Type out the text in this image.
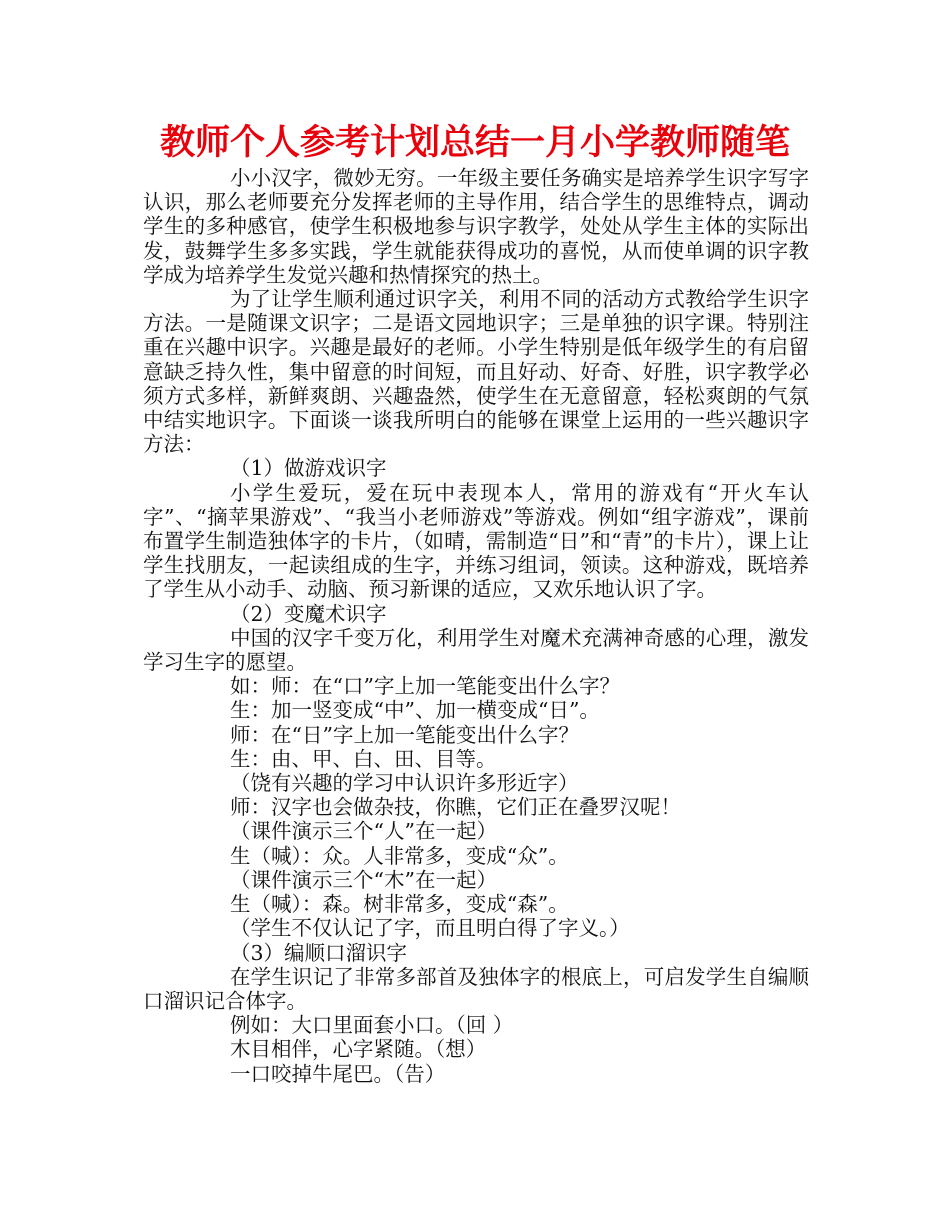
教师个人参考计划总结一月小学教师随笔

小小汉字，微妙无穷。一年级主要任务确实是培养学生识字写字认识，那么老师要充分发挥老师的主导作用，结合学生的思维特点，调动学生的多种感官，使学生积极地参与识字教学，处处从学生主体的实际出发，鼓舞学生多多实践，学生就能获得成功的喜悦，从而使单调的识字教学成为培养学生发觉兴趣和热情探究的热土。

为了让学生顺利通过识字关，利用不同的活动方式教给学生识字方法。一是随课文识字；二是语文园地识字；三是单独的识字课。特别注重在兴趣中识字。兴趣是最好的老师。小学生特别是低年级学生的有启留意缺乏持久性，集中留意的时间短，而且好动、好奇、好胜，识字教学必须方式多样，新鲜爽朗、兴趣盎然，使学生在无意留意，轻松爽朗的气氛中结实地识字。下面谈一谈我所明白的能够在课堂上运用的一些兴趣识字方法：

（1）做游戏识字

小学生爱玩，爱在玩中表现本人，常用的游戏有“开火车认字”、“摘苹果游戏”、“我当小老师游戏”等游戏。例如“组字游戏”，课前布置学生制造独体字的卡片，（如晴，需制造“日”和“青”的卡片），课上让学生找朋友，一起读组成的生字，并练习组词，领读。这种游戏，既培养了学生从小动手、动脑、预习新课的适应，又欢乐地认识了字。

（2）变魔术识字

中国的汉字千变万化，利用学生对魔术充满神奇感的心理，激发学习生字的愿望。

如：师：在“口”字上加一笔能变出什么字？

生：加一竖变成“中”、加一横变成“日”。

师：在“日”字上加一笔能变出什么字？

生：由、甲、白、田、目等。

（饶有兴趣的学习中认识许多形近字）

师：汉字也会做杂技，你瞧，它们正在叠罗汉呢！

（课件演示三个“人”在一起）

生（喊）：众。人非常多，变成“众”。

（课件演示三个“木”在一起）

生（喊）：森。树非常多，变成“森”。

（学生不仅认记了字，而且明白得了字义。）

（3）编顺口溜识字

在学生识记了非常多部首及独体字的根底上，可启发学生自编顺口溜识记合体字。

例如：大口里面套小口。（回 ）

木目相伴，心字紧随。（想）

一口咬掉牛尾巴。（告）
